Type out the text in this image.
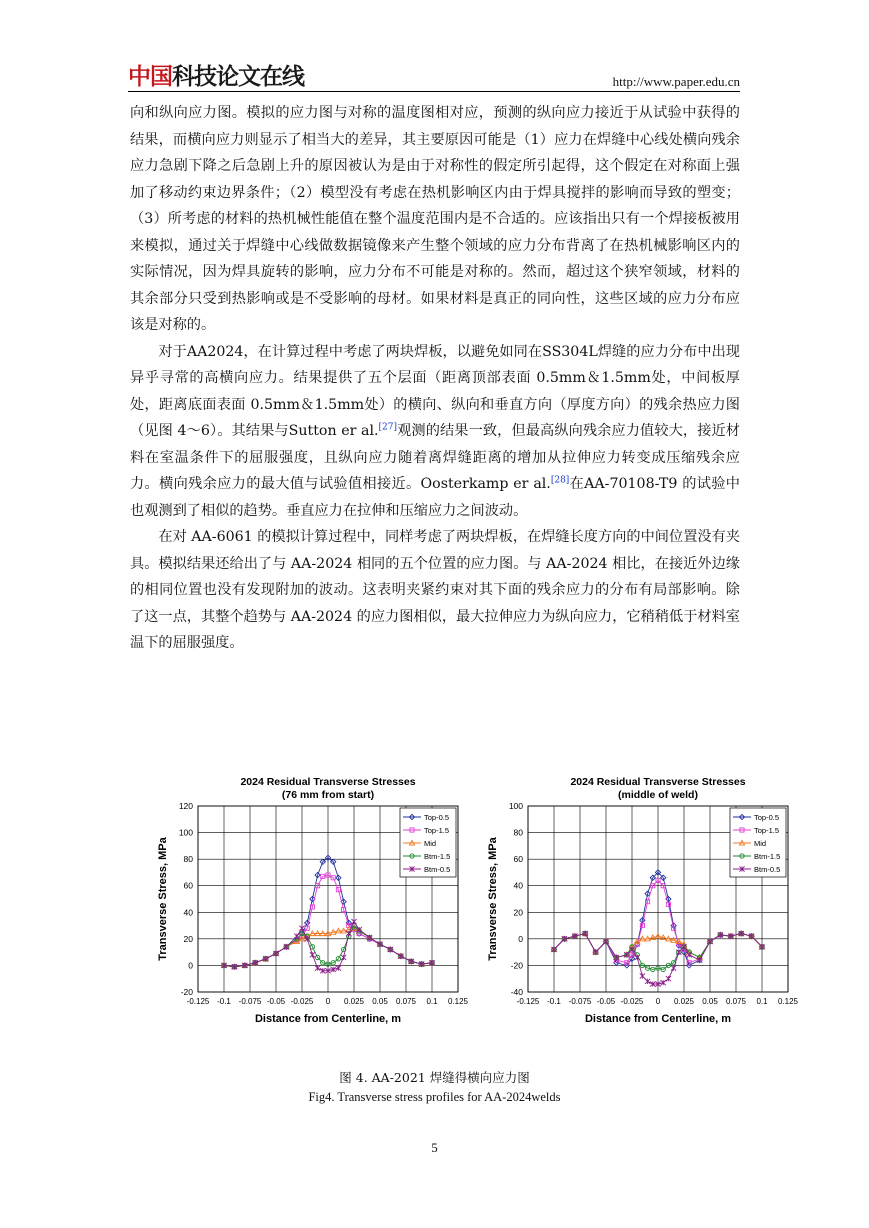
中国科技论文在线	http://www.paper.edu.cn

向和纵向应力图。模拟的应力图与对称的温度图相对应，预测的纵向应力接近于从试验中获得的结果，而横向应力则显示了相当大的差异，其主要原因可能是（1）应力在焊缝中心线处横向残余应力急剧下降之后急剧上升的原因被认为是由于对称性的假定所引起得，这个假定在对称面上强加了移动约束边界条件；（2）模型没有考虑在热机影响区内由于焊具搅拌的影响而导致的塑变；（3）所考虑的材料的热机械性能值在整个温度范围内是不合适的。应该指出只有一个焊接板被用来模拟，通过关于焊缝中心线做数据镜像来产生整个领域的应力分布背离了在热机械影响区内的实际情况，因为焊具旋转的影响，应力分布不可能是对称的。然而，超过这个狭窄领域，材料的其余部分只受到热影响或是不受影响的母材。如果材料是真正的同向性，这些区域的应力分布应该是对称的。

对于AA2024，在计算过程中考虑了两块焊板，以避免如同在SS304L焊缝的应力分布中出现异乎寻常的高横向应力。结果提供了五个层面（距离顶部表面 0.5mm＆1.5mm处，中间板厚处，距离底面表面 0.5mm＆1.5mm处）的横向、纵向和垂直方向（厚度方向）的残余热应力图（见图 4～6）。其结果与Sutton er al.[27]观测的结果一致，但最高纵向残余应力值较大，接近材料在室温条件下的屈服强度，且纵向应力随着离焊缝距离的增加从拉伸应力转变成压缩残余应力。横向残余应力的最大值与试验值相接近。Oosterkamp er al.[28]在AA-70108-T9 的试验中也观测到了相似的趋势。垂直应力在拉伸和压缩应力之间波动。

在对 AA-6061 的模拟计算过程中，同样考虑了两块焊板，在焊缝长度方向的中间位置没有夹具。模拟结果还给出了与 AA-2024 相同的五个位置的应力图。与 AA-2024 相比，在接近外边缘的相同位置也没有发现附加的波动。这表明夹紧约束对其下面的残余应力的分布有局部影响。除了这一点，其整个趋势与 AA-2024 的应力图相似，最大拉伸应力为纵向应力，它稍稍低于材料室温下的屈服强度。

2024 Residual Transverse Stresses
(76 mm from start)
-0.125 -0.1 -0.075 -0.05 -0.025 0 0.025 0.05 0.075 0.1 0.125
-20
0
20
40
60
80
100
120
Distance from Centerline, m
Transverse Stress, MPa
Top-0.5
Top-1.5
Mid
Btm-1.5
Btm-0.5
2024 Residual Transverse Stresses
(middle of weld)
-0.125 -0.1 -0.075 -0.05 -0.025 0 0.025 0.05 0.075 0.1 0.125
-40
-20
0
20
40
60
80
100
Distance from Centerline, m
Transverse Stress, MPa
Top-0.5
Top-1.5
Mid
Btm-1.5
Btm-0.5
图 4. AA-2021 焊缝得横向应力图
Fig4. Transverse stress profiles for AA-2024welds
5
